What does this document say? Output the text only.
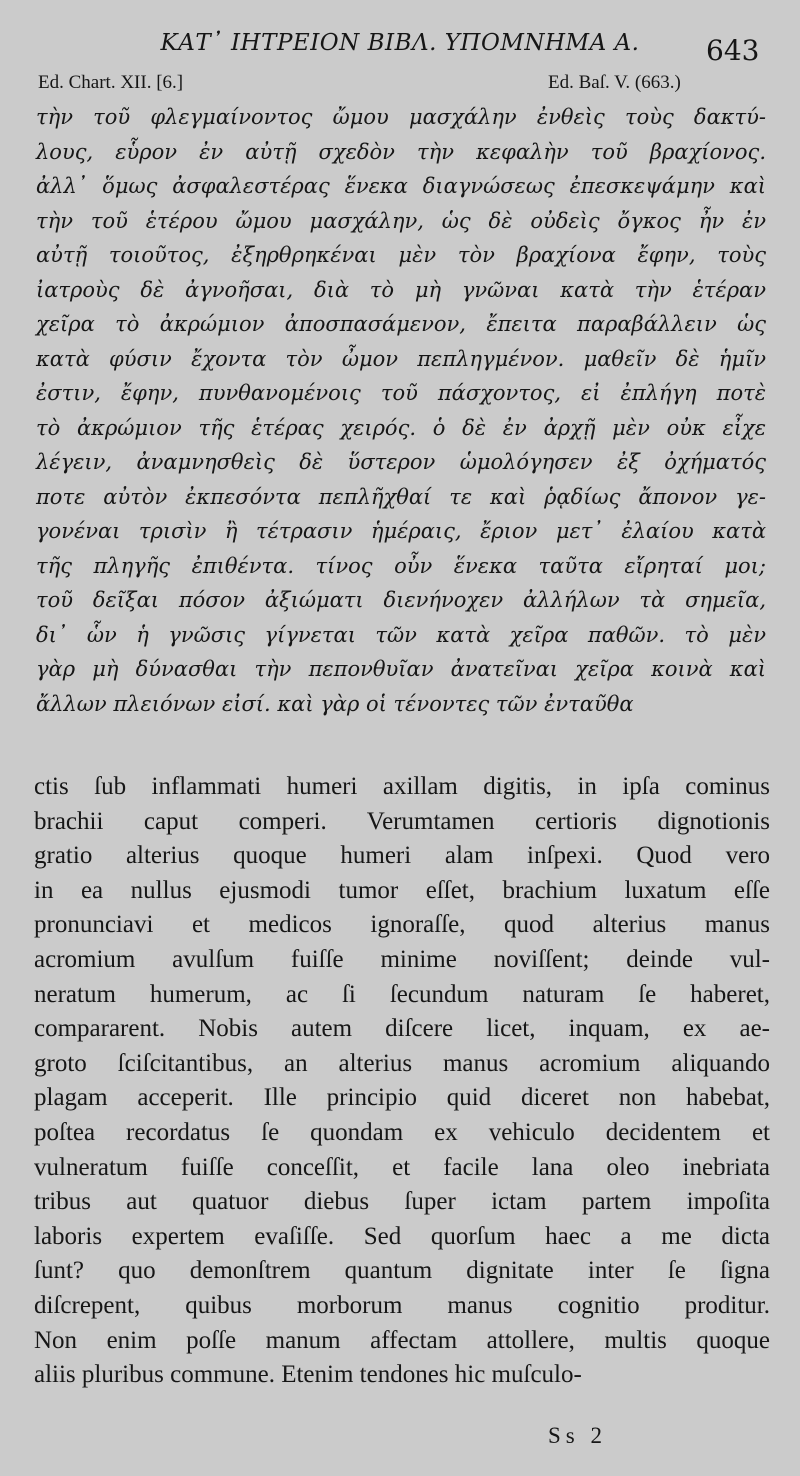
ΚΑΤ᾽ ΙΗΤΡΕΙΟΝ ΒΙΒΛ. ΥΠΟΜΝΗΜΑ Α.	643
Ed. Chart. XII. [6.]	Ed. Baſ. V. (663.)
τὴν τοῦ φλεγμαίνοντος ὤμου μασχάλην ἐνθεὶς τοὺς δακτύ-
λους, εὗρον ἐν αὐτῇ σχεδὸν τὴν κεφαλὴν τοῦ βραχίονος.
ἀλλ᾽ ὅμως ἀσφαλεστέρας ἕνεκα διαγνώσεως ἐπεσκεψάμην καὶ
τὴν τοῦ ἑτέρου ὤμου μασχάλην, ὡς δὲ οὐδεὶς ὄγκος ἦν ἐν
αὐτῇ τοιοῦτος, ἐξηρθρηκέναι μὲν τὸν βραχίονα ἔφην, τοὺς
ἰατροὺς δὲ ἀγνοῆσαι, διὰ τὸ μὴ γνῶναι κατὰ τὴν ἑτέραν
χεῖρα τὸ ἀκρώμιον ἀποσπασάμενον, ἔπειτα παραβάλλειν ὡς
κατὰ φύσιν ἔχοντα τὸν ὦμον πεπληγμένον. μαθεῖν δὲ ἡμῖν
ἐστιν, ἔφην, πυνθανομένοις τοῦ πάσχοντος, εἰ ἐπλήγη ποτὲ
τὸ ἀκρώμιον τῆς ἑτέρας χειρός. ὁ δὲ ἐν ἀρχῇ μὲν οὐκ εἶχε
λέγειν, ἀναμνησθεὶς δὲ ὕστερον ὡμολόγησεν ἐξ ὀχήματός
ποτε αὐτὸν ἐκπεσόντα πεπλῆχθαί τε καὶ ῥᾳδίως ἄπονον γε-
γονέναι τρισὶν ἢ τέτρασιν ἡμέραις, ἔριον μετ᾽ ἐλαίου κατὰ
τῆς πληγῆς ἐπιθέντα. τίνος οὖν ἕνεκα ταῦτα εἴρηταί μοι;
τοῦ δεῖξαι πόσον ἀξιώματι διενήνοχεν ἀλλήλων τὰ σημεῖα,
δι᾽ ὧν ἡ γνῶσις γίγνεται τῶν κατὰ χεῖρα παθῶν. τὸ μὲν
γὰρ μὴ δύνασθαι τὴν πεπονθυῖαν ἀνατεῖναι χεῖρα κοινὰ καὶ
ἄλλων πλειόνων εἰσί. καὶ γὰρ οἱ τένοντες τῶν ἐνταῦθα
ctis ſub inflammati humeri axillam digitis, in ipſa cominus
brachii caput comperi. Verumtamen certioris dignotionis
gratio alterius quoque humeri alam inſpexi. Quod vero
in ea nullus ejusmodi tumor eſſet, brachium luxatum eſſe
pronunciavi et medicos ignoraſſe, quod alterius manus
acromium avulſum fuiſſe minime noviſſent; deinde vul-
neratum humerum, ac ſi ſecundum naturam ſe haberet,
compararent. Nobis autem diſcere licet, inquam, ex ae-
groto ſciſcitantibus, an alterius manus acromium aliquando
plagam acceperit. Ille principio quid diceret non habebat,
poſtea recordatus ſe quondam ex vehiculo decidentem et
vulneratum fuiſſe conceſſit, et facile lana oleo inebriata
tribus aut quatuor diebus ſuper ictam partem impoſita
laboris expertem evaſiſſe. Sed quorſum haec a me dicta
ſunt? quo demonſtrem quantum dignitate inter ſe ſigna
diſcrepent, quibus morborum manus cognitio proditur.
Non enim poſſe manum affectam attollere, multis quoque
aliis pluribus commune. Etenim tendones hic muſculo-
Ss 2
